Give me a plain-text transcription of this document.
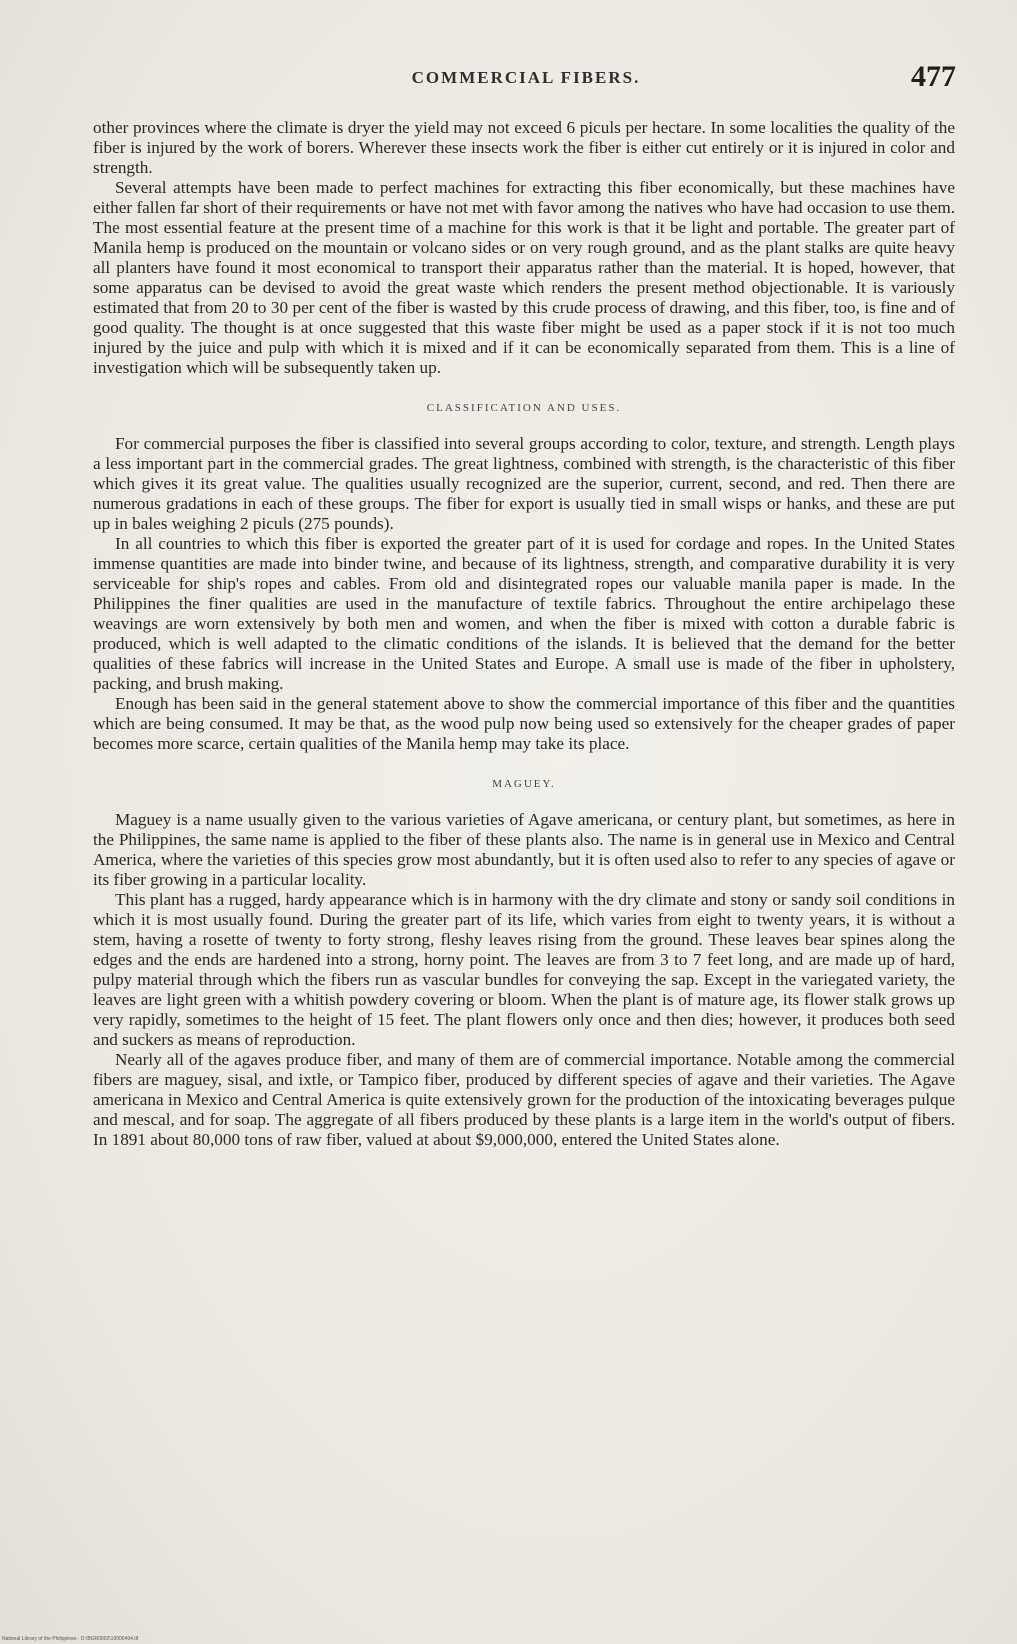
COMMERCIAL FIBERS.	477

other provinces where the climate is dryer the yield may not exceed 6 piculs per hectare. In some localities the quality of the fiber is injured by the work of borers. Wherever these insects work the fiber is either cut entirely or it is injured in color and strength.

Several attempts have been made to perfect machines for extracting this fiber economically, but these machines have either fallen far short of their requirements or have not met with favor among the natives who have had occasion to use them. The most essential feature at the present time of a machine for this work is that it be light and portable. The greater part of Manila hemp is produced on the mountain or volcano sides or on very rough ground, and as the plant stalks are quite heavy all planters have found it most economical to transport their apparatus rather than the material. It is hoped, however, that some apparatus can be devised to avoid the great waste which renders the present method objectionable. It is variously estimated that from 20 to 30 per cent of the fiber is wasted by this crude process of drawing, and this fiber, too, is fine and of good quality. The thought is at once suggested that this waste fiber might be used as a paper stock if it is not too much injured by the juice and pulp with which it is mixed and if it can be economically separated from them. This is a line of investigation which will be subsequently taken up.

CLASSIFICATION AND USES.

For commercial purposes the fiber is classified into several groups according to color, texture, and strength. Length plays a less important part in the commercial grades. The great lightness, combined with strength, is the characteristic of this fiber which gives it its great value. The qualities usually recognized are the superior, current, second, and red. Then there are numerous gradations in each of these groups. The fiber for export is usually tied in small wisps or hanks, and these are put up in bales weighing 2 piculs (275 pounds).

In all countries to which this fiber is exported the greater part of it is used for cordage and ropes. In the United States immense quantities are made into binder twine, and because of its lightness, strength, and comparative durability it is very serviceable for ship's ropes and cables. From old and disintegrated ropes our valuable manila paper is made. In the Philippines the finer qualities are used in the manufacture of textile fabrics. Throughout the entire archipelago these weavings are worn extensively by both men and women, and when the fiber is mixed with cotton a durable fabric is produced, which is well adapted to the climatic conditions of the islands. It is believed that the demand for the better qualities of these fabrics will increase in the United States and Europe. A small use is made of the fiber in upholstery, packing, and brush making.

Enough has been said in the general statement above to show the commercial importance of this fiber and the quantities which are being consumed. It may be that, as the wood pulp now being used so extensively for the cheaper grades of paper becomes more scarce, certain qualities of the Manila hemp may take its place.

MAGUEY.

Maguey is a name usually given to the various varieties of Agave americana, or century plant, but sometimes, as here in the Philippines, the same name is applied to the fiber of these plants also. The name is in general use in Mexico and Central America, where the varieties of this species grow most abundantly, but it is often used also to refer to any species of agave or its fiber growing in a particular locality.

This plant has a rugged, hardy appearance which is in harmony with the dry climate and stony or sandy soil conditions in which it is most usually found. During the greater part of its life, which varies from eight to twenty years, it is without a stem, having a rosette of twenty to forty strong, fleshy leaves rising from the ground. These leaves bear spines along the edges and the ends are hardened into a strong, horny point. The leaves are from 3 to 7 feet long, and are made up of hard, pulpy material through which the fibers run as vascular bundles for conveying the sap. Except in the variegated variety, the leaves are light green with a whitish powdery covering or bloom. When the plant is of mature age, its flower stalk grows up very rapidly, sometimes to the height of 15 feet. The plant flowers only once and then dies; however, it produces both seed and suckers as means of reproduction.

Nearly all of the agaves produce fiber, and many of them are of commercial importance. Notable among the commercial fibers are maguey, sisal, and ixtle, or Tampico fiber, produced by different species of agave and their varieties. The Agave americana in Mexico and Central America is quite extensively grown for the production of the intoxicating beverages pulque and mescal, and for soap. The aggregate of all fibers produced by these plants is a large item in the world's output of fibers. In 1891 about 80,000 tons of raw fiber, valued at about $9,000,000, entered the United States alone.

National Library of the Philippines · D:\BGR0002\10000494.tif
